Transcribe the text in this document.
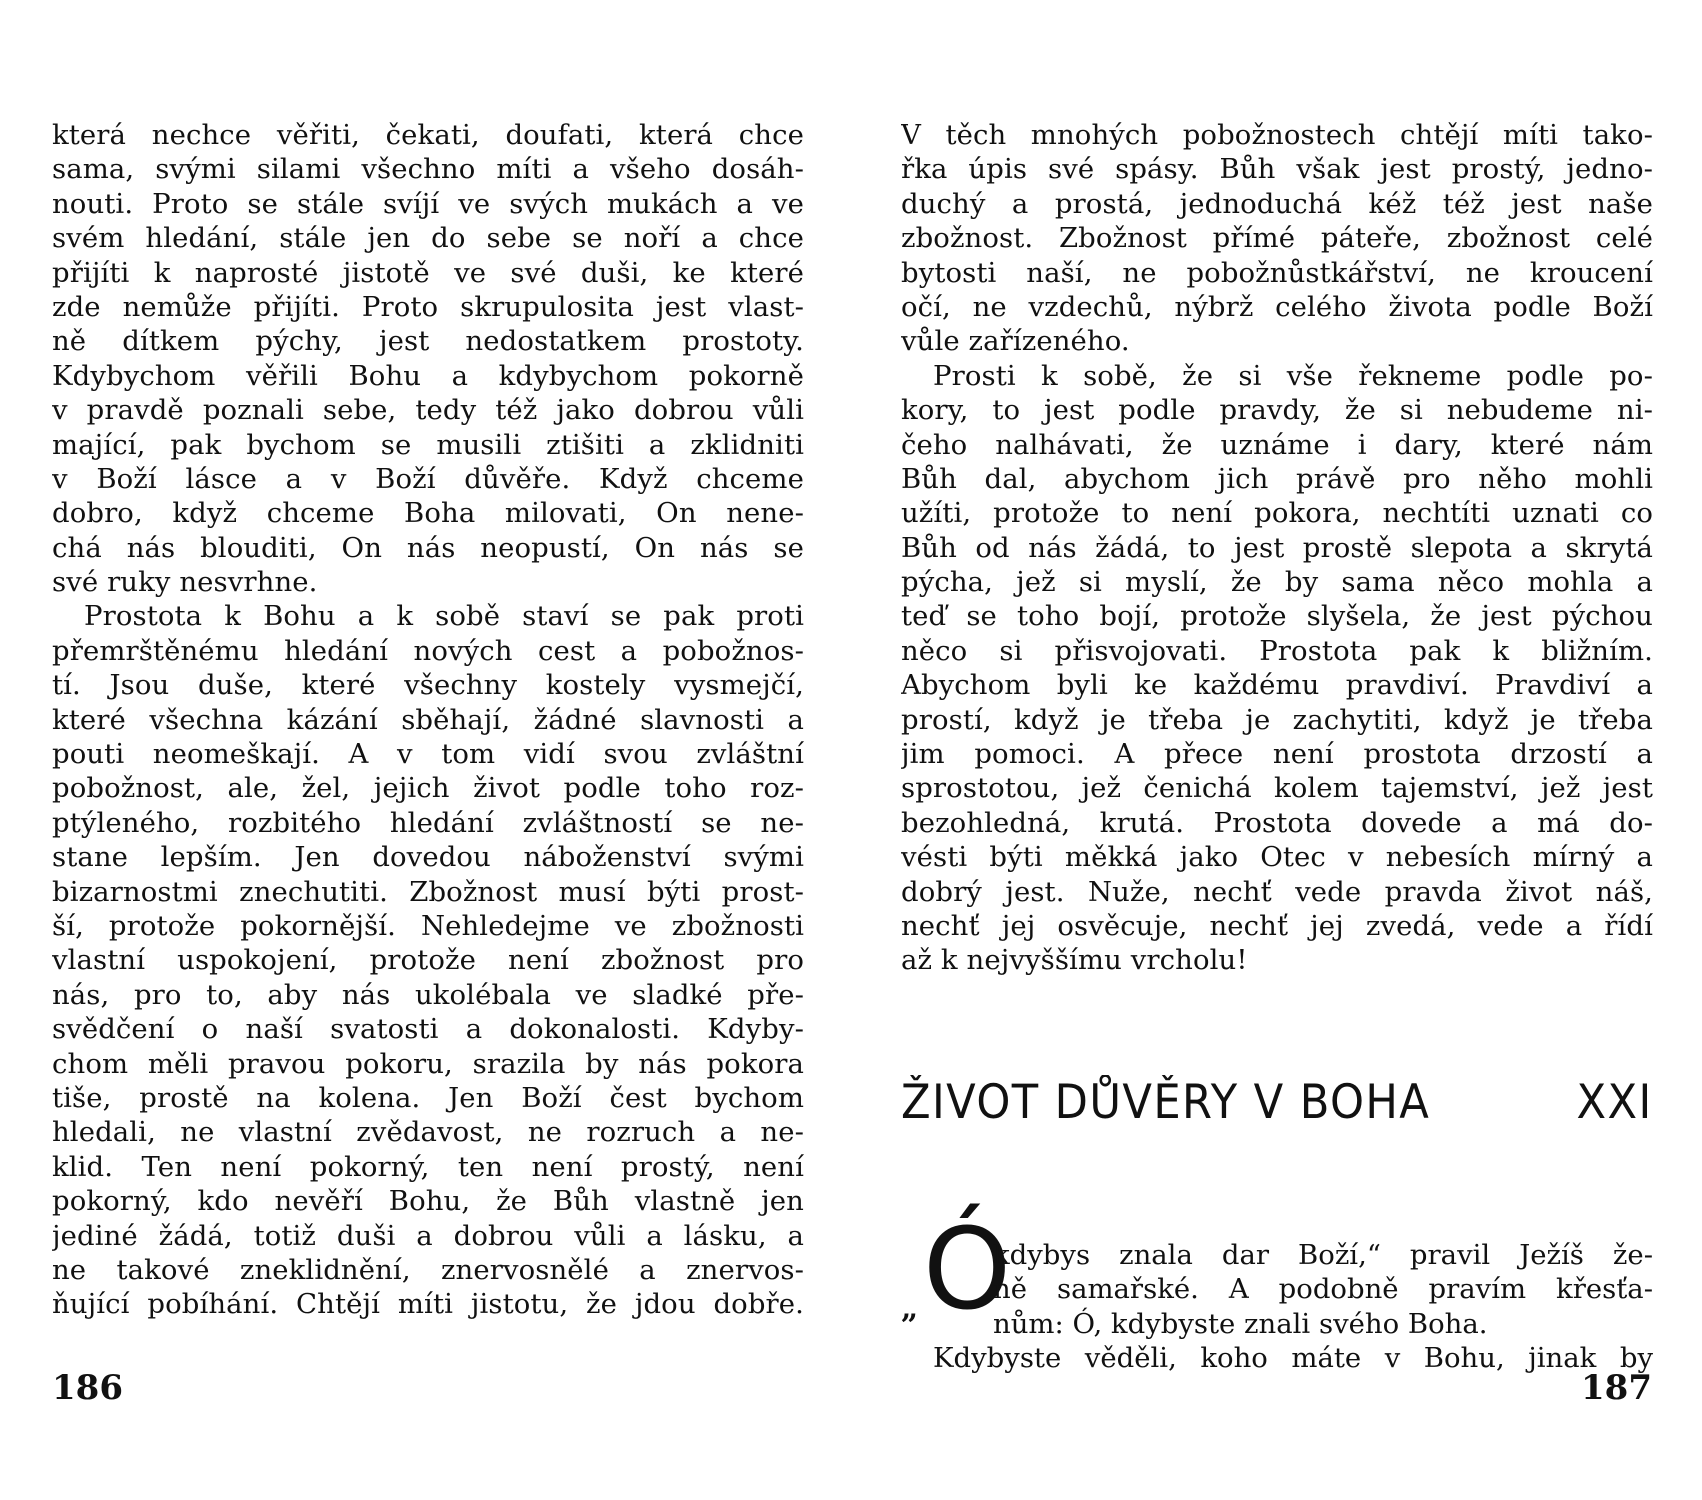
která nechce věřiti, čekati, doufati, která chce
sama, svými silami všechno míti a všeho dosáh-
nouti. Proto se stále svíjí ve svých mukách a ve
svém hledání, stále jen do sebe se noří a chce
přijíti k naprosté jistotě ve své duši, ke které
zde nemůže přijíti. Proto skrupulosita jest vlast-
ně dítkem pýchy, jest nedostatkem prostoty.
Kdybychom věřili Bohu a kdybychom pokorně
v pravdě poznali sebe, tedy též jako dobrou vůli
mající, pak bychom se musili ztišiti a zklidniti
v Boží lásce a v Boží důvěře. Když chceme
dobro, když chceme Boha milovati, On nene-
chá nás blouditi, On nás neopustí, On nás se
své ruky nesvrhne.
Prostota k Bohu a k sobě staví se pak proti
přemrštěnému hledání nových cest a pobožnos-
tí. Jsou duše, které všechny kostely vysmejčí,
které všechna kázání sběhají, žádné slavnosti a
pouti neomeškají. A v tom vidí svou zvláštní
pobožnost, ale, žel, jejich život podle toho roz-
ptýleného, rozbitého hledání zvláštností se ne-
stane lepším. Jen dovedou náboženství svými
bizarnostmi znechutiti. Zbožnost musí býti prost-
ší, protože pokornější. Nehledejme ve zbožnosti
vlastní uspokojení, protože není zbožnost pro
nás, pro to, aby nás ukolébala ve sladké pře-
svědčení o naší svatosti a dokonalosti. Kdyby-
chom měli pravou pokoru, srazila by nás pokora
tiše, prostě na kolena. Jen Boží čest bychom
hledali, ne vlastní zvědavost, ne rozruch a ne-
klid. Ten není pokorný, ten není prostý, není
pokorný, kdo nevěří Bohu, že Bůh vlastně jen
jediné žádá, totiž duši a dobrou vůli a lásku, a
ne takové zneklidnění, znervosnělé a znervos-
ňující pobíhání. Chtějí míti jistotu, že jdou dobře.
186
V těch mnohých pobožnostech chtějí míti tako-
řka úpis své spásy. Bůh však jest prostý, jedno-
duchý a prostá, jednoduchá kéž též jest naše
zbožnost. Zbožnost přímé páteře, zbožnost celé
bytosti naší, ne pobožnůstkářství, ne kroucení
očí, ne vzdechů, nýbrž celého života podle Boží
vůle zařízeného.
Prosti k sobě, že si vše řekneme podle po-
kory, to jest podle pravdy, že si nebudeme ni-
čeho nalhávati, že uznáme i dary, které nám
Bůh dal, abychom jich právě pro něho mohli
užíti, protože to není pokora, nechtíti uznati co
Bůh od nás žádá, to jest prostě slepota a skrytá
pýcha, jež si myslí, že by sama něco mohla a
teď se toho bojí, protože slyšela, že jest pýchou
něco si přisvojovati. Prostota pak k bližním.
Abychom byli ke každému pravdiví. Pravdiví a
prostí, když je třeba je zachytiti, když je třeba
jim pomoci. A přece není prostota drzostí a
sprostotou, jež čenichá kolem tajemství, jež jest
bezohledná, krutá. Prostota dovede a má do-
vésti býti měkká jako Otec v nebesích mírný a
dobrý jest. Nuže, nechť vede pravda život náš,
nechť jej osvěcuje, nechť jej zvedá, vede a řídí
až k nejvyššímu vrcholu!
ŽIVOT DŮVĚRY V BOHA	XXI
„ Ó
kdybys znala dar Boží,“ pravil Ježíš že-
ně samařské. A podobně pravím křesťa-
nům: Ó, kdybyste znali svého Boha.
Kdybyste věděli, koho máte v Bohu, jinak by
187
